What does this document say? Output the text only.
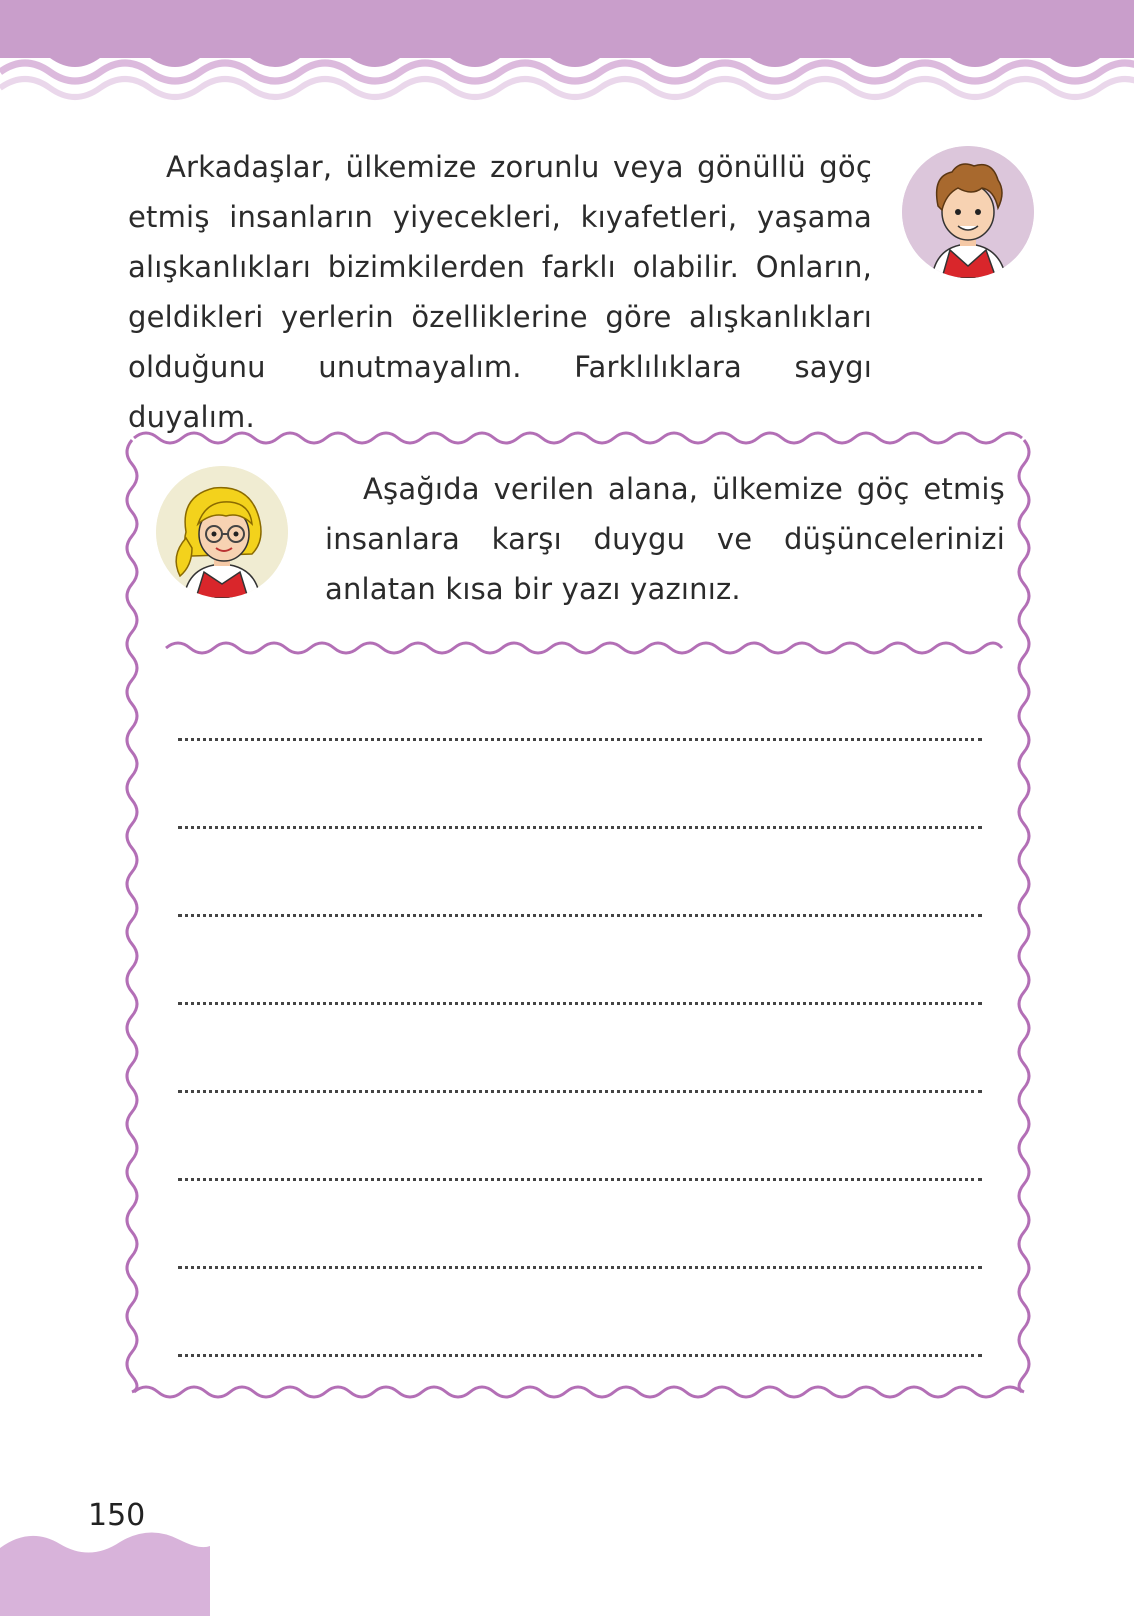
Arkadaşlar, ülkemize zorunlu veya gönüllü göç etmiş insanların yiyecekleri, kıyafetleri, yaşama alışkanlıkları bizimkilerden farklı olabilir. Onların, geldikleri yerlerin özelliklerine göre alışkanlıkları olduğunu unutmayalım. Farklılıklara saygı duyalım.

Aşağıda verilen alana, ülkemize göç etmiş insanlara karşı duygu ve düşüncelerinizi anlatan kısa bir yazı yazınız.

150
